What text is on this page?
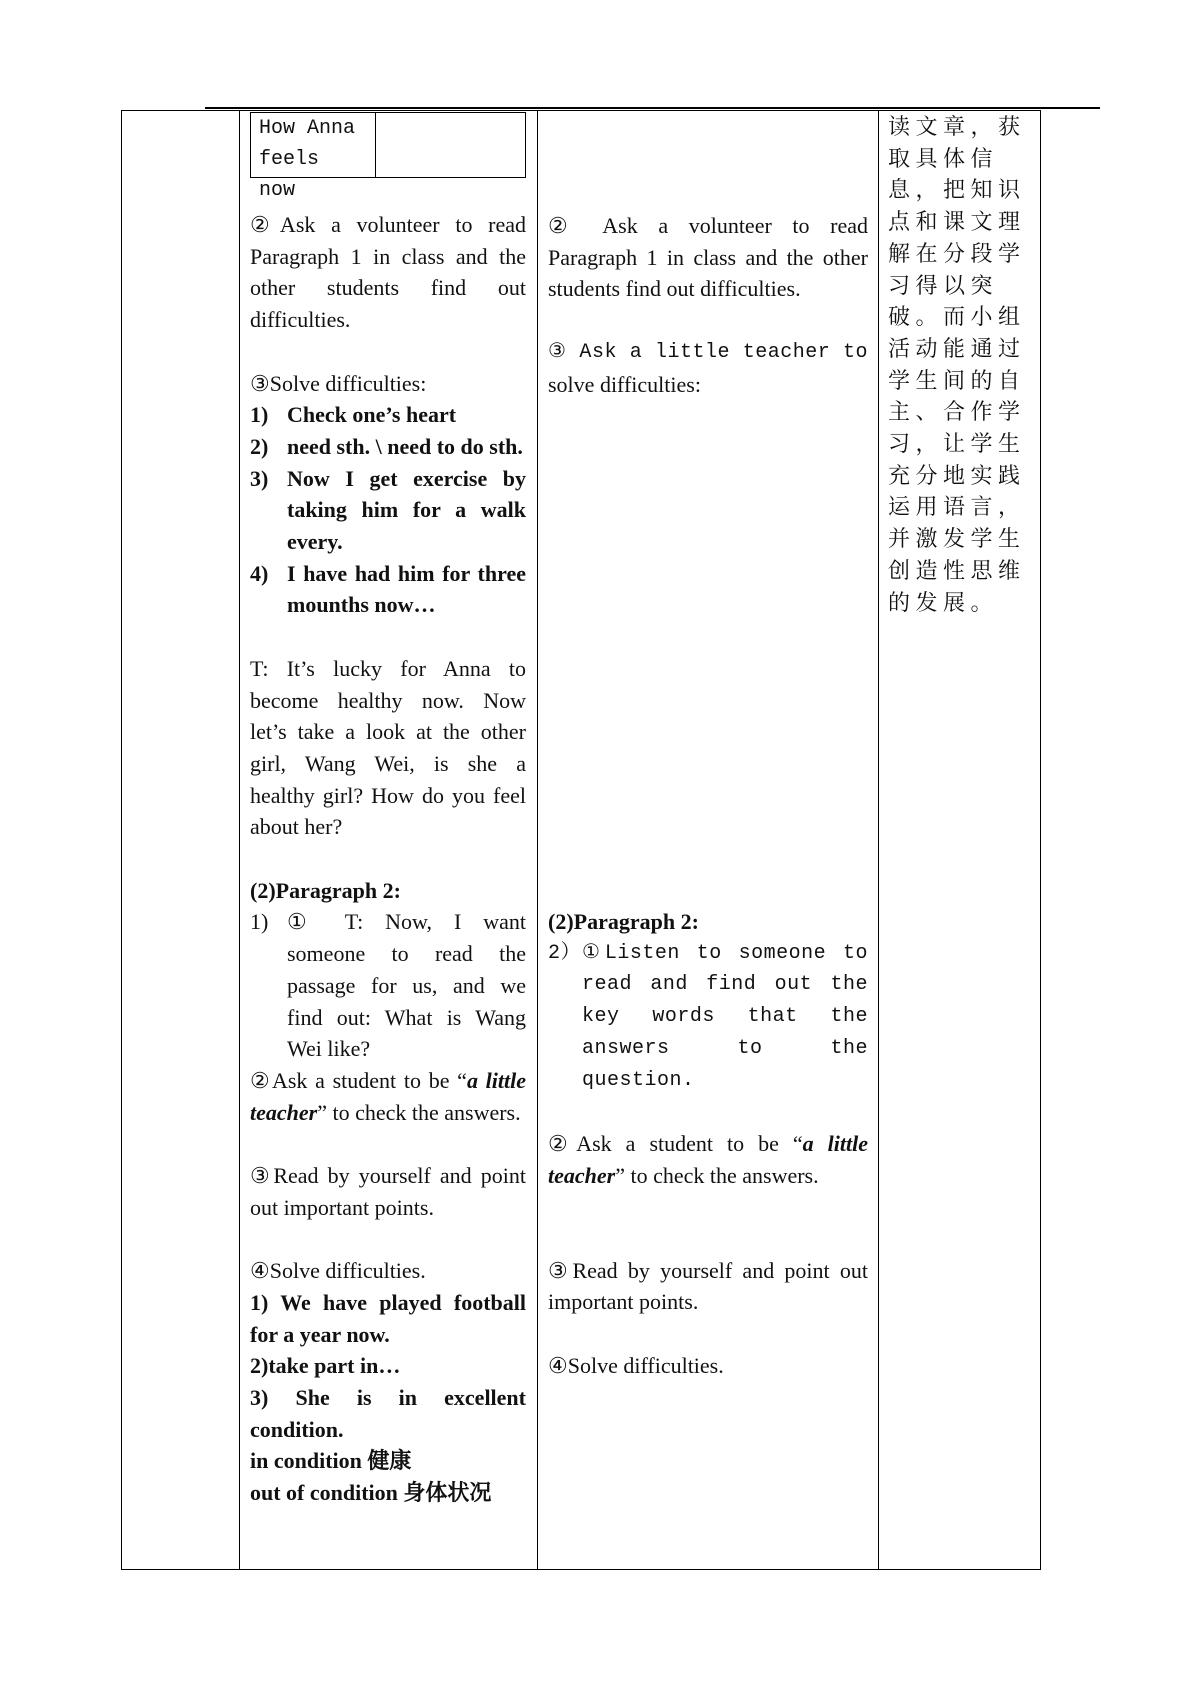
How Anna feels now
②Ask a volunteer to read Paragraph 1 in class and the other students find out difficulties.
③Solve difficulties:
1) Check one’s heart
2) need sth. \ need to do sth.
3) Now I get exercise by taking him for a walk every.
4) I have had him for three mounths now…
T: It’s lucky for Anna to become healthy now. Now let’s take a look at the other girl, Wang Wei, is she a healthy girl? How do you feel about her?
(2)Paragraph 2:
1) ① T: Now, I want someone to read the passage for us, and we find out: What is Wang Wei like?
②Ask a student to be “a little teacher” to check the answers.
③Read by yourself and point out important points.
④Solve difficulties.
1) We have played football for a year now.
2)take part in…
3) She is in excellent condition.
in condition 健康
out of condition 身体状况
② Ask a volunteer to read Paragraph 1 in class and the other students find out difficulties.
③ Ask a little teacher to
solve difficulties:
(2)Paragraph 2:
2） ①Listen to someone to read and find out the key words that the answers to the question.
②Ask a student to be “a little teacher” to check the answers.
③Read by yourself and point out important points.
④Solve difficulties.
读文章，获取具体信息，把知识点和课文理解在分段学习得以突破。而小组活动能通过学生间的自主、合作学习，让学生充分地实践运用语言，并激发学生创造性思维的发展。
